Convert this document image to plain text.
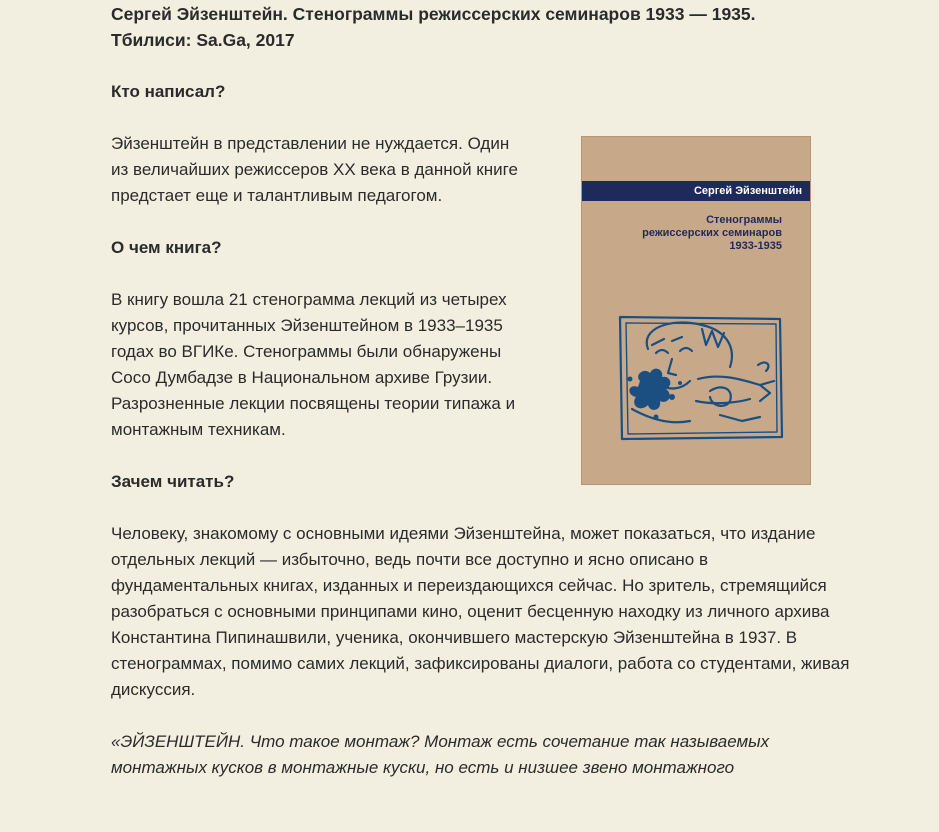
Сергей Эйзенштейн. Стенограммы режиссерских семинаров 1933 — 1935.
Тбилиси: Sa.Ga, 2017

Кто написал?

Эйзенштейн в представлении не нуждается. Один из величайших режиссеров XX века в данной книге предстает еще и талантливым педагогом.

О чем книга?

В книгу вошла 21 стенограмма лекций из четырех курсов, прочитанных Эйзенштейном в 1933–1935 годах во ВГИКе. Стенограммы были обнаружены Сосо Думбадзе в Национальном архиве Грузии. Разрозненные лекции посвящены теории типажа и монтажным техникам.

Зачем читать?

Человеку, знакомому с основными идеями Эйзенштейна, может показаться, что издание отдельных лекций — избыточно, ведь почти все доступно и ясно описано в фундаментальных книгах, изданных и переиздающихся сейчас. Но зритель, стремящийся разобраться с основными принципами кино, оценит бесценную находку из личного архива Константина Пипинашвили, ученика, окончившего мастерскую Эйзенштейна в 1937. В стенограммах, помимо самих лекций, зафиксированы диалоги, работа со студентами, живая дискуссия.

«ЭЙЗЕНШТЕЙН. Что такое монтаж? Монтаж есть сочетание так называемых монтажных кусков в монтажные куски, но есть и низшее звено монтажного

Сергей Эйзенштейн
Стенограммы
режиссерских семинаров
1933-1935
